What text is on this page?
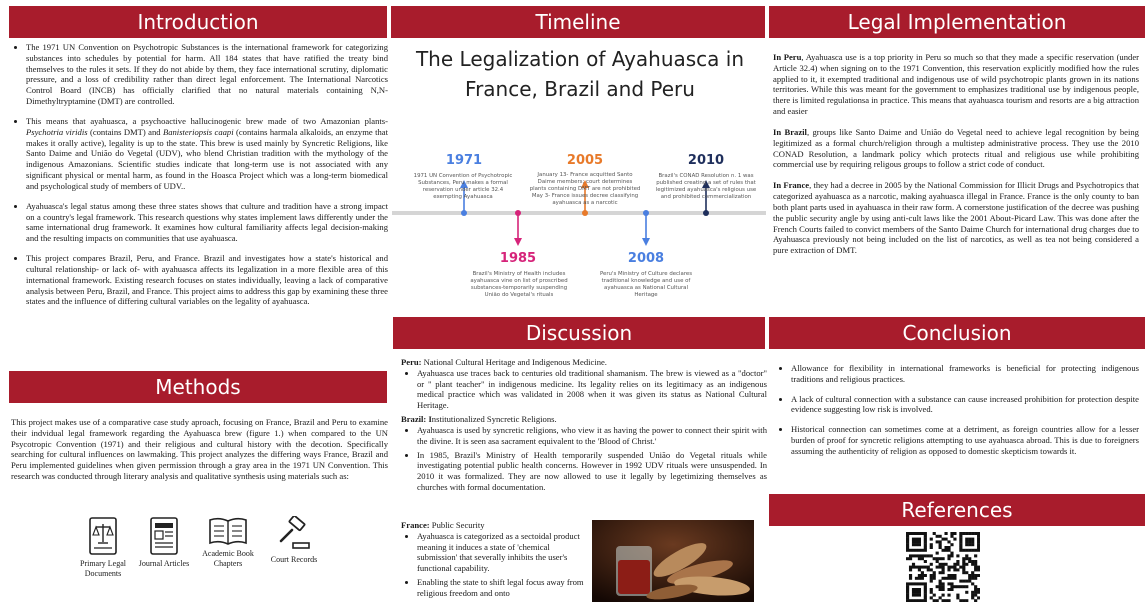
Introduction	Timeline	Legal Implementation
Methods
Discussion	Conclusion
References
• The 1971 UN Convention on Psychotropic Substances is the international framework for categorizing substances into schedules by potential for harm. All 184 states that have ratified the treaty bind themselves to the rules it sets. If they do not abide by them, they face international scrutiny, diplomatic pressure, and a loss of credibility rather than direct legal enforcement. The International Narcotics Control Board (INCB) has officially clarified that no natural materials containing N,N-Dimethyltryptamine (DMT) are controlled.
• This means that ayahuasca, a psychoactive hallucinogenic brew made of two Amazonian plants- Psychotria viridis (contains DMT) and Banisteriopsis caapi (contains harmala alkaloids, an enzyme that makes it orally active), legality is up to the state. This brew is used mainly by Syncretic Religions, like Santo Daime and União do Vegetal (UDV), who blend Christian tradition with the mythology of the indigenous Amazonians. Scientific studies indicate that long-term use is not associated with any significant physical or mental harm, as found in the Hoasca Project which was a long-term biomedical and psychological study of members of UDV..
• Ayahuasca's legal status among these three states shows that culture and tradition have a strong impact on a country's legal framework. This research questions why states implement laws differently under the same international drug framework. It examines how cultural familiarity affects legal decision-making and the resulting impacts on communities that use ayahuasca.
• This project compares Brazil, Peru, and France. Brazil and investigates how a state's historical and cultural relationship- or lack of- with ayahuasca affects its legalization in a more flexible area of this international framework. Existing research focuses on states individually, leaving a lack of comparative analysis between Peru, Brazil, and France. This project aims to address this gap by examining these three states and the influence of differing cultural variables on the legality of ayahuasca.

This project makes use of a comparative case study aproach, focusing on France, Brazil and Peru to examine their indvidual legal framework regarding the Ayahuasca brew (figure 1.) when compared to the UN Psycotropic Convention (1971) and their religious and cultural history with the decotion. Specifically searching for cultural influences on lawmaking. This project analyzes the differing ways France, Brazil and Peru implemented guidelines when given permission through a gray area in the 1971 UN Convention. This research was conducted through literary analysis and qualitative synthesis using materials such as:

Primary Legal Documents
Journal Articles
Academic Book Chapters	Court Records
The Legalization of Ayahuasca in France, Brazil and Peru
1971
1971 UN Convention of Psychotropic Substances, Peru makes a formal reservation under article 32.4 exempting Ayahuasca
2005
January 13- France acquitted Santo Daime members; court determines plants containing DMT are not prohibited May 3- France issues decree classifying ayahuasca as a narcotic
2010
Brazil's CONAD Resolution n. 1 was published creating a set of rules that legitimized ayahuasca's religious use and prohibited commercialization
1985
Brazil's Ministry of Health includes ayahuasca vine on list of proscribed substances-temporarily suspending União do Vegetal's rituals
2008
Peru's Ministry of Culture declares traditional knowledge and use of ayahuasca as National Cultural Heritage

In Peru, Ayahuasca use is a top priority in Peru so much so that they made a specific reservation (under Article 32.4) when signing on to the 1971 Convention, this reservation explicitly modified how the rules applied to it, it exempted traditional and indigenous use of wild psychotropic plants grown in its nations territories. While this was meant for the government to emphasizes traditional use by indigenous people, there is limited regulationsa in practice. This means that ayahuasca tourism and resorts are a big attraction and easier

In Brazil, groups like Santo Daime and União do Vegetal need to achieve legal recognition by being legitimized as a formal church/religion through a multistep administrative process. They use the 2010 CONAD Resolution, a landmark policy which protects ritual and religious use while prohibiting commercial use by requiring religous groups to follow a strict code of conduct.

In France, they had a decree in 2005 by the National Commission for Illicit Drugs and Psychotropics that categorized ayahuasca as a narcotic, making ayahuasca illegal in France. France is the only county to ban both plant parts used in ayahuasca in their raw form. A cornerstone justification of the decree was pushing the public security angle by using anti-cult laws like the 2001 About-Picard Law. This was done after the French Courts failed to convict members of the Santo Daime Church for international drug charges due to Ayahuasca previously not being included on the list of narcotics, as well as tea not being considered a pure extraction of DMT.

Peru: National Cultural Heritage and Indigenous Medicine.
• Ayahuasca use traces back to centuries old traditional shamanism. The brew is viewed as a "doctor" or " plant teacher" in indigenous medicine. Its legality relies on its legitimacy as an indigenous medical practice which was validated in 2008 when it was given its status as National Cultural Heritage.
Brazil: Institutionalized Syncretic Religions.
• Ayahuasca is used by syncretic religions, who view it as having the power to connect their spirit with the divine. It is seen asa sacrament equivalent to the 'Blood of Christ.'
• In 1985, Brazil's Ministry of Health temporarily suspended União do Vegetal rituals while investigating potential public health concerns. However in 1992 UDV rituals were unsuspended. In 2010 it was formalized. They are now allowed to use it legally by legetimizing themselves as churches with formal documentation.
France: Public Security
• Ayahuasca is categorized as a sectoidal product meaning it induces a state of 'chemical submission' that severally inhibits the user's functional capability.
• Enabling the state to shift legal focus away from religious freedom and onto
• Allowance for flexibility in international frameworks is beneficial for protecting indigenous traditions and religious practices.
• A lack of cultural connection with a substance can cause increased prohibition for protection despite evidence suggesting low risk is involved.
• Historical connection can sometimes come at a detriment, as foreign countries allow for a lesser burden of proof for syncretic religions attempting to use ayahuasca abroad. This is due to foreigners assuming the authenticity of religion as opposed to domestic skepticism towards it.
